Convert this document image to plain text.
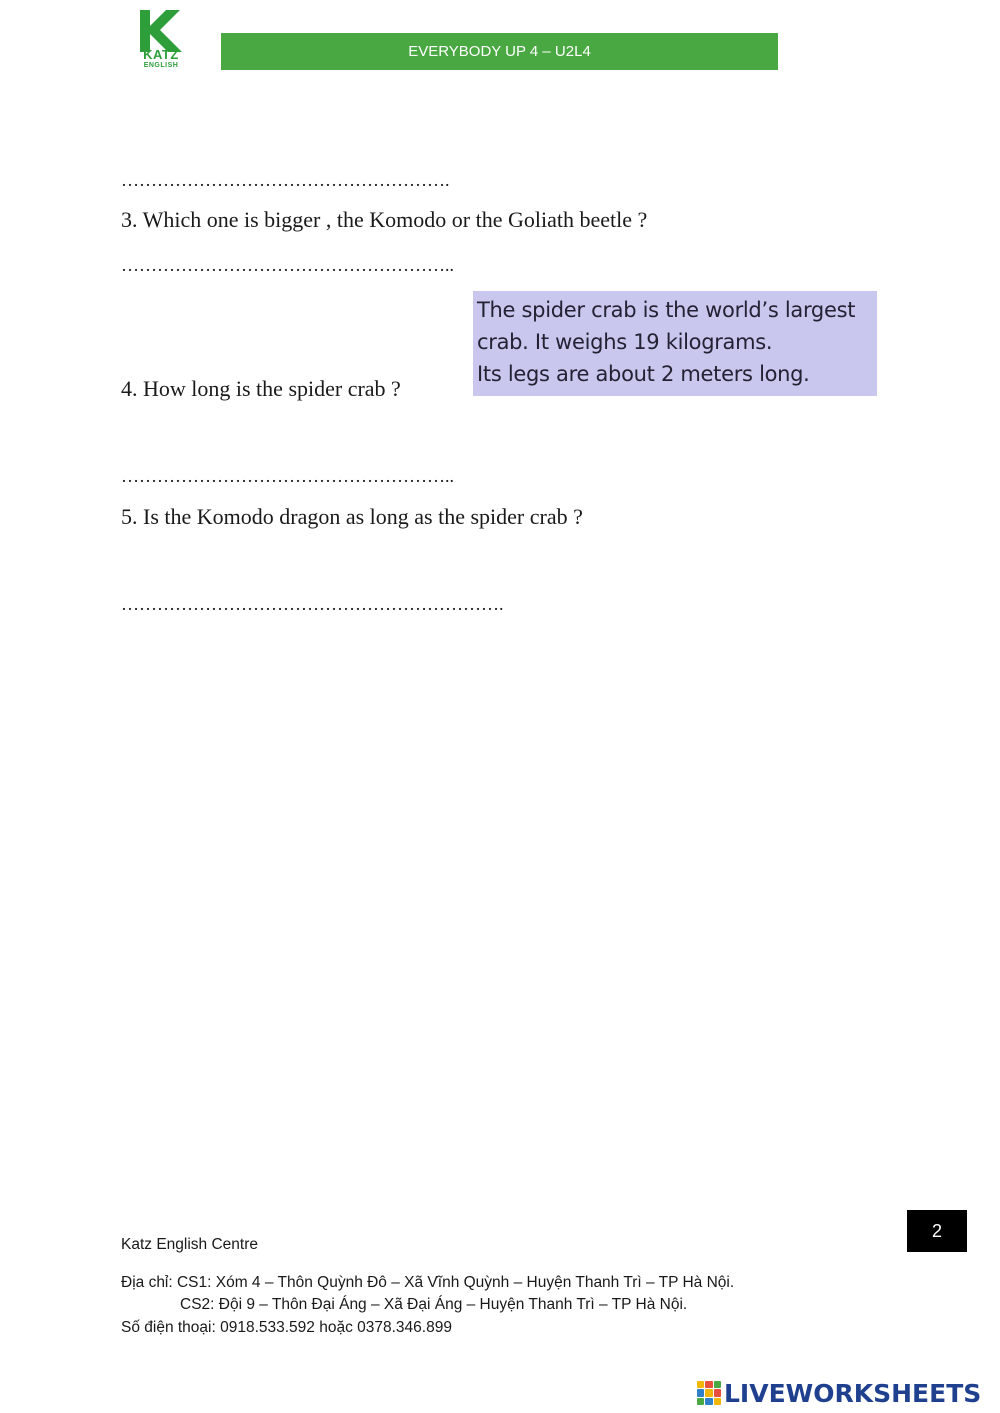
KATZ
ENGLISH
EVERYBODY UP 4 – U2L4
……………………………………………….
3. Which one is bigger , the Komodo or the Goliath beetle ?
………………………………………………..
The spider crab is the world’s largest
crab. It weighs 19 kilograms.
Its legs are about 2 meters long.
4. How long is the spider crab ?
………………………………………………..
5. Is the Komodo dragon as long as the spider crab ?
……………………………………………………….
2
Katz English Centre
Địa chỉ: CS1: Xóm 4 – Thôn Quỳnh Đô – Xã Vĩnh Quỳnh – Huyện Thanh Trì – TP Hà Nội.
CS2: Đội 9 – Thôn Đại Áng – Xã Đại Áng – Huyện Thanh Trì – TP Hà Nội.
Số điện thoại: 0918.533.592 hoặc 0378.346.899
LIVEWORKSHEETS
